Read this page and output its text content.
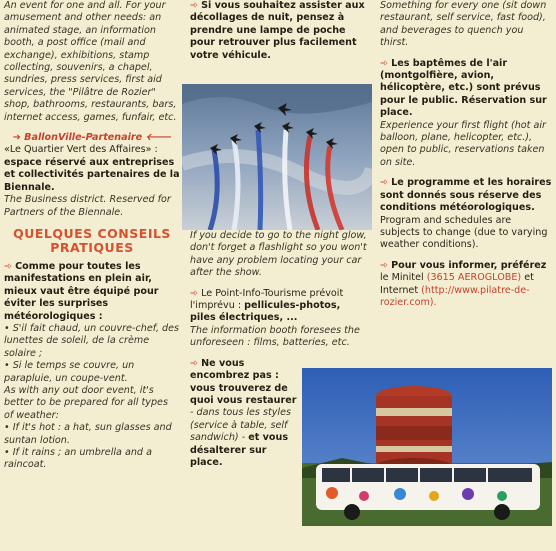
An event for one and all. For your amusement and other needs: an animated stage, an information booth, a post office (mail and exchange), exhibitions, stamp collecting, souvenirs, a chapel, sundries, press services, first aid services, the "Pilâtre de Rozier" shop, bathrooms, restaurants, bars, internet access, games, funfair, etc.

➔ BallonVille-Partenaire 🡐

«Le Quartier Vert des Affaires» : espace réservé aux entreprises et collectivités partenaires de la Biennale.

The Business district. Reserved for Partners of the Biennale.

QUELQUES CONSEILS PRATIQUES

➾ Comme pour toutes les manifestations en plein air, mieux vaut être équipé pour éviter les surprises météorologiques :

• S'il fait chaud, un couvre-chef, des lunettes de soleil, de la crème solaire ;

• Si le temps se couvre, un parapluie, un coupe-vent.

As with any out door event, it's better to be prepared for all types of weather:

• If it's hot : a hat, sun glasses and suntan lotion.

• If it rains ; an umbrella and a raincoat.

➾ Si vous souhaitez assister aux décollages de nuit, pensez à prendre une lampe de poche pour retrouver plus facilement votre véhicule.

If you decide to go to the night glow, don't forget a flashlight so you won't have any problem locating your car after the show.

➾ Le Point-Info-Tourisme prévoit l'imprévu : pellicules-photos, piles électriques, ...

The information booth foresees the unforeseen : films, batteries, etc.

➾ Ne vous encombrez pas : vous trouverez de quoi vous restaurer - dans tous les styles (service à table, self sandwich) - et vous désalterer sur place.

Something for every one (sit down restaurant, self service, fast food), and beverages to quench you thirst.

➾ Les baptêmes de l'air (montgolfière, avion, hélicoptère, etc.) sont prévus pour le public. Réservation sur place.

Experience your first flight (hot air balloon, plane, helicopter, etc.), open to public, reservations taken on site.

➾ Le programme et les horaires sont donnés sous réserve des conditions météorologiques.

Program and schedules are subjects to change (due to varying weather conditions).

➾ Pour vous informer, préférez le Minitel (3615 AEROGLOBE) et Internet (http://www.pilatre-de-rozier.com).
